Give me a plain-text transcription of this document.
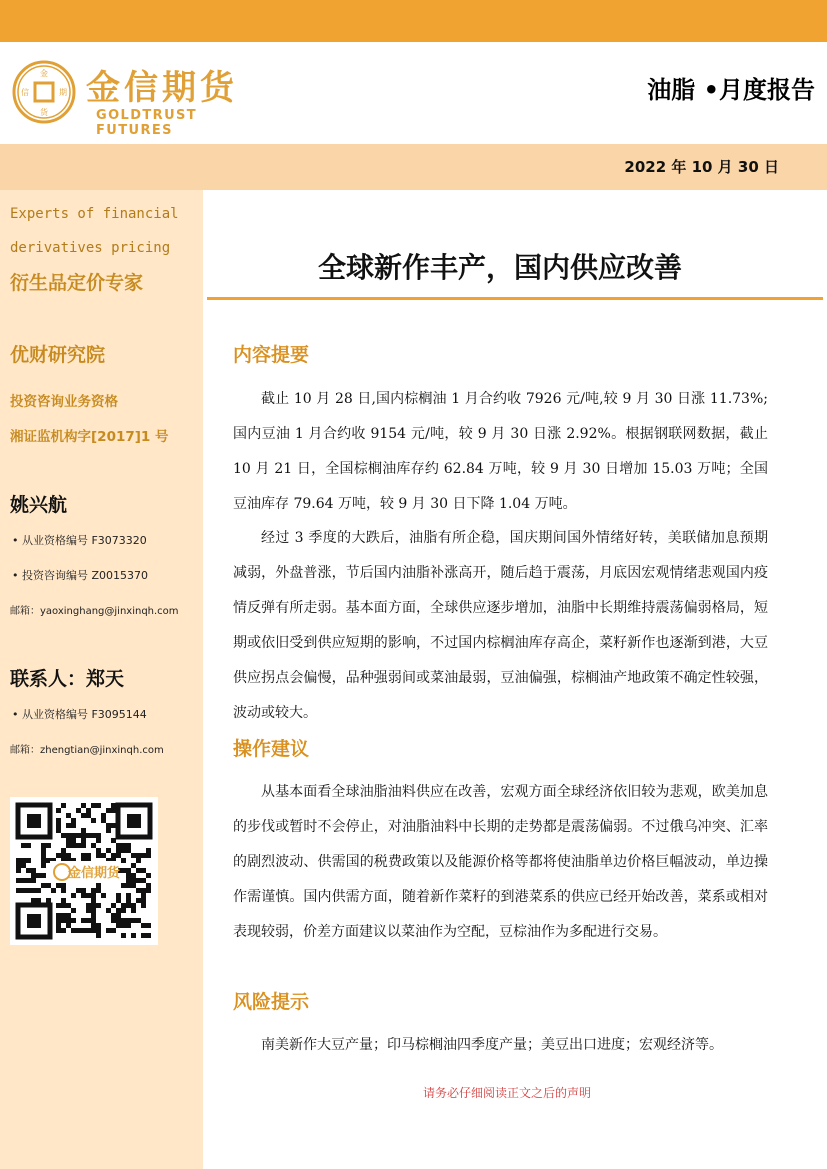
金
货
信	期 金信期货
GOLDTRUST FUTURES
油脂 •月度报告
2022 年 10 月 30 日
Experts of financial
derivatives pricing
衍生品定价专家
优财研究院
投资咨询业务资格
湘证监机构字[2017]1 号
姚兴航
• 从业资格编号 F3073320
• 投资咨询编号 Z0015370
邮箱：yaoxinghang@jinxinqh.com
联系人：郑天
• 从业资格编号 F3095144
邮箱：zhengtian@jinxinqh.com
金信期货
全球新作丰产，国内供应改善
内容提要
截止 10 月 28 日,国内棕榈油 1 月合约收 7926 元/吨,较 9 月 30 日涨 11.73%;国内豆油 1 月合约收 9154 元/吨，较 9 月 30 日涨 2.92%。根据钢联网数据，截止 10 月 21 日，全国棕榈油库存约 62.84 万吨，较 9 月 30 日增加 15.03 万吨；全国豆油库存 79.64 万吨，较 9 月 30 日下降 1.04 万吨。
经过 3 季度的大跌后，油脂有所企稳，国庆期间国外情绪好转，美联储加息预期减弱，外盘普涨，节后国内油脂补涨高开，随后趋于震荡，月底因宏观情绪悲观国内疫情反弹有所走弱。基本面方面，全球供应逐步增加，油脂中长期维持震荡偏弱格局，短期或依旧受到供应短期的影响，不过国内棕榈油库存高企，菜籽新作也逐渐到港，大豆供应拐点会偏慢，品种强弱间或菜油最弱，豆油偏强，棕榈油产地政策不确定性较强，波动或较大。
操作建议
从基本面看全球油脂油料供应在改善，宏观方面全球经济依旧较为悲观，欧美加息的步伐或暂时不会停止，对油脂油料中长期的走势都是震荡偏弱。不过俄乌冲突、汇率的剧烈波动、供需国的税费政策以及能源价格等都将使油脂单边价格巨幅波动，单边操作需谨慎。国内供需方面，随着新作菜籽的到港菜系的供应已经开始改善，菜系或相对表现较弱，价差方面建议以菜油作为空配，豆棕油作为多配进行交易。
风险提示
南美新作大豆产量；印马棕榈油四季度产量；美豆出口进度；宏观经济等。
请务必仔细阅读正文之后的声明
